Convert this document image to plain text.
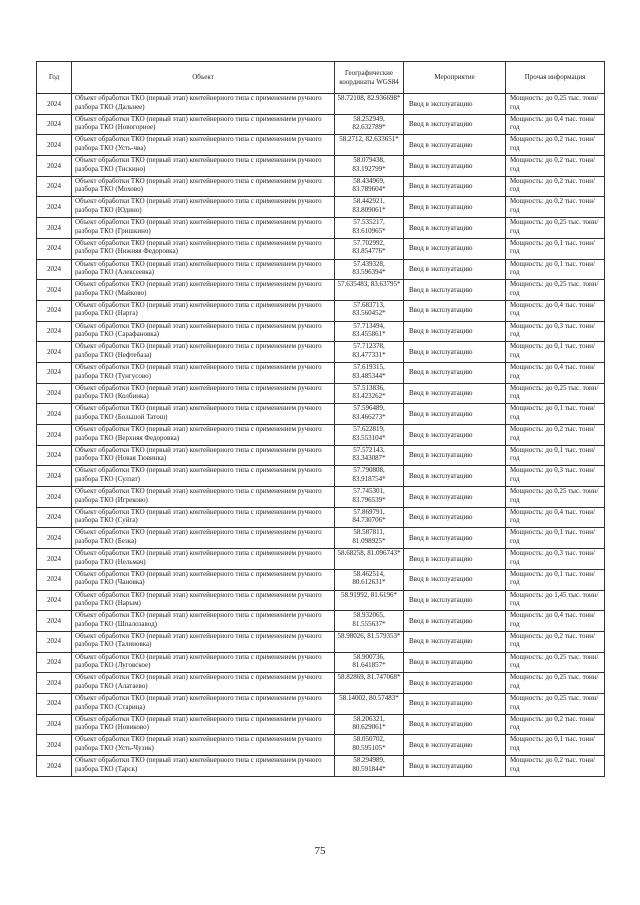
Год	Объект	Географические координаты WGS84	Мероприятие	Прочая информация
2024	Объект обработки ТКО (первый этап) контейнерного типа с применением ручного разбора ТКО (Дальнее)	58.72108, 82.936698*	Ввод в эксплуатацию	Мощность: до 0,25 тыс. тонн/ год
2024	Объект обработки ТКО (первый этап) контейнерного типа с применением ручного разбора ТКО (Новогорное)	58.252949, 82.632789*	Ввод в эксплуатацию	Мощность: до 0,4 тыс. тонн/ год
2024	Объект обработки ТКО (первый этап) контейнерного типа с применением ручного разбора ТКО (Усть-чва)	58.2712, 82.633651*	Ввод в эксплуатацию	Мощность: до 0,2 тыс. тонн/ год
2024	Объект обработки ТКО (первый этап) контейнерного типа с применением ручного разбора ТКО (Тискино)	58.079438, 83.192799*	Ввод в эксплуатацию	Мощность: до 0,2 тыс. тонн/ год
2024	Объект обработки ТКО (первый этап) контейнерного типа с применением ручного разбора ТКО (Мохово)	58.434969, 83.789604*	Ввод в эксплуатацию	Мощность: до 0,2 тыс. тонн/ год
2024	Объект обработки ТКО (первый этап) контейнерного типа с применением ручного разбора ТКО (Юдино)	58.442921, 83.809061*	Ввод в эксплуатацию	Мощность: до 0,2 тыс. тонн/ год
2024	Объект обработки ТКО (первый этап) контейнерного типа с применением ручного разбора ТКО (Гришкино)	57.535217, 83.610965*	Ввод в эксплуатацию	Мощность: до 0,25 тыс. тонн/ год
2024	Объект обработки ТКО (первый этап) контейнерного типа с применением ручного разбора ТКО (Нижняя Федоровка)	57.702992, 83.854776*	Ввод в эксплуатацию	Мощность: до 0,1 тыс. тонн/ год
2024	Объект обработки ТКО (первый этап) контейнерного типа с применением ручного разбора ТКО (Алексеевка)	57.439328, 83.596394*	Ввод в эксплуатацию	Мощность: до 0,1 тыс. тонн/ год
2024	Объект обработки ТКО (первый этап) контейнерного типа с применением ручного разбора ТКО (Майково)	57.635483, 83.63795*	Ввод в эксплуатацию	Мощность: до 0,25 тыс. тонн/ год
2024	Объект обработки ТКО (первый этап) контейнерного типа с применением ручного разбора ТКО (Нарга)	57.683713, 83.560452*	Ввод в эксплуатацию	Мощность: до 0,4 тыс. тонн/ год
2024	Объект обработки ТКО (первый этап) контейнерного типа с применением ручного разбора ТКО (Сарафановка)	57.713494, 83.455861*	Ввод в эксплуатацию	Мощность: до 0,3 тыс. тонн/ год
2024	Объект обработки ТКО (первый этап) контейнерного типа с применением ручного разбора ТКО (Нефтебаза)	57.712378, 83.477331*	Ввод в эксплуатацию	Мощность: до 0,1 тыс. тонн/ год
2024	Объект обработки ТКО (первый этап) контейнерного типа с применением ручного разбора ТКО (Тунгусово)	57.619315, 83.485344*	Ввод в эксплуатацию	Мощность: до 0,4 тыс. тонн/ год
2024	Объект обработки ТКО (первый этап) контейнерного типа с применением ручного разбора ТКО (Колбинка)	57.513836, 83.423262*	Ввод в эксплуатацию	Мощность: до 0,25 тыс. тонн/ год
2024	Объект обработки ТКО (первый этап) контейнерного типа с применением ручного разбора ТКО (Большой Татош)	57.596489, 83.466273*	Ввод в эксплуатацию	Мощность: до 0,1 тыс. тонн/ год
2024	Объект обработки ТКО (первый этап) контейнерного типа с применением ручного разбора ТКО (Верхняя Федоровка)	57.622819, 83.553104*	Ввод в эксплуатацию	Мощность: до 0,2 тыс. тонн/ год
2024	Объект обработки ТКО (первый этап) контейнерного типа с применением ручного разбора ТКО (Новая Тювинка)	57.572143, 83.343087*	Ввод в эксплуатацию	Мощность: до 0,1 тыс. тонн/ год
2024	Объект обработки ТКО (первый этап) контейнерного типа с применением ручного разбора ТКО (Сулзат)	57.790808, 83.918754*	Ввод в эксплуатацию	Мощность: до 0,3 тыс. тонн/ год
2024	Объект обработки ТКО (первый этап) контейнерного типа с применением ручного разбора ТКО (Игреково)	57.745301, 83.796539*	Ввод в эксплуатацию	Мощность: до 0,25 тыс. тонн/ год
2024	Объект обработки ТКО (первый этап) контейнерного типа с применением ручного разбора ТКО (Суйга)	57.869791, 84.730706*	Ввод в эксплуатацию	Мощность: до 0,4 тыс. тонн/ год
2024	Объект обработки ТКО (первый этап) контейнерного типа с применением ручного разбора ТКО (Безка)	58.587811, 81.098925*	Ввод в эксплуатацию	Мощность: до 0,1 тыс. тонн/ год
2024	Объект обработки ТКО (первый этап) контейнерного типа с применением ручного разбора ТКО (Нельмач)	58.68258, 81.096743*	Ввод в эксплуатацию	Мощность: до 0,3 тыс. тонн/ год
2024	Объект обработки ТКО (первый этап) контейнерного типа с применением ручного разбора ТКО (Чановка)	58.462514, 80.612631*	Ввод в эксплуатацию	Мощность: до 0,1 тыс. тонн/ год
2024	Объект обработки ТКО (первый этап) контейнерного типа с применением ручного разбора ТКО (Нарым)	58.91992, 81.6196*	Ввод в эксплуатацию	Мощность: до 1,45 тыс. тонн/ год
2024	Объект обработки ТКО (первый этап) контейнерного типа с применением ручного разбора ТКО (Шпалозавод)	58.932065, 81.555637*	Ввод в эксплуатацию	Мощность: до 0,4 тыс. тонн/ год
2024	Объект обработки ТКО (первый этап) контейнерного типа с применением ручного разбора ТКО (Талиновка)	58.98026, 81.579353*	Ввод в эксплуатацию	Мощность: до 0,2 тыс. тонн/ год
2024	Объект обработки ТКО (первый этап) контейнерного типа с применением ручного разбора ТКО (Луговское)	58.900736, 81.641857*	Ввод в эксплуатацию	Мощность: до 0,25 тыс. тонн/ год
2024	Объект обработки ТКО (первый этап) контейнерного типа с применением ручного разбора ТКО (Алатаево)	58.82869, 81.747068*	Ввод в эксплуатацию	Мощность: до 0,25 тыс. тонн/ год
2024	Объект обработки ТКО (первый этап) контейнерного типа с применением ручного разбора ТКО (Старица)	58.14002, 80.57483*	Ввод в эксплуатацию	Мощность: до 0,25 тыс. тонн/ год
2024	Объект обработки ТКО (первый этап) контейнерного типа с применением ручного разбора ТКО (Новиково)	58.206321, 80.629061*	Ввод в эксплуатацию	Мощность: до 0,2 тыс. тонн/ год
2024	Объект обработки ТКО (первый этап) контейнерного типа с применением ручного разбора ТКО (Усть-Чузик)	58.050702, 80.595105*	Ввод в эксплуатацию	Мощность: до 0,1 тыс. тонн/ год
2024	Объект обработки ТКО (первый этап) контейнерного типа с применением ручного разбора ТКО (Тарск)	58.294989, 80.591844*	Ввод в эксплуатацию	Мощность: до 0,2 тыс. тонн/ год
75
